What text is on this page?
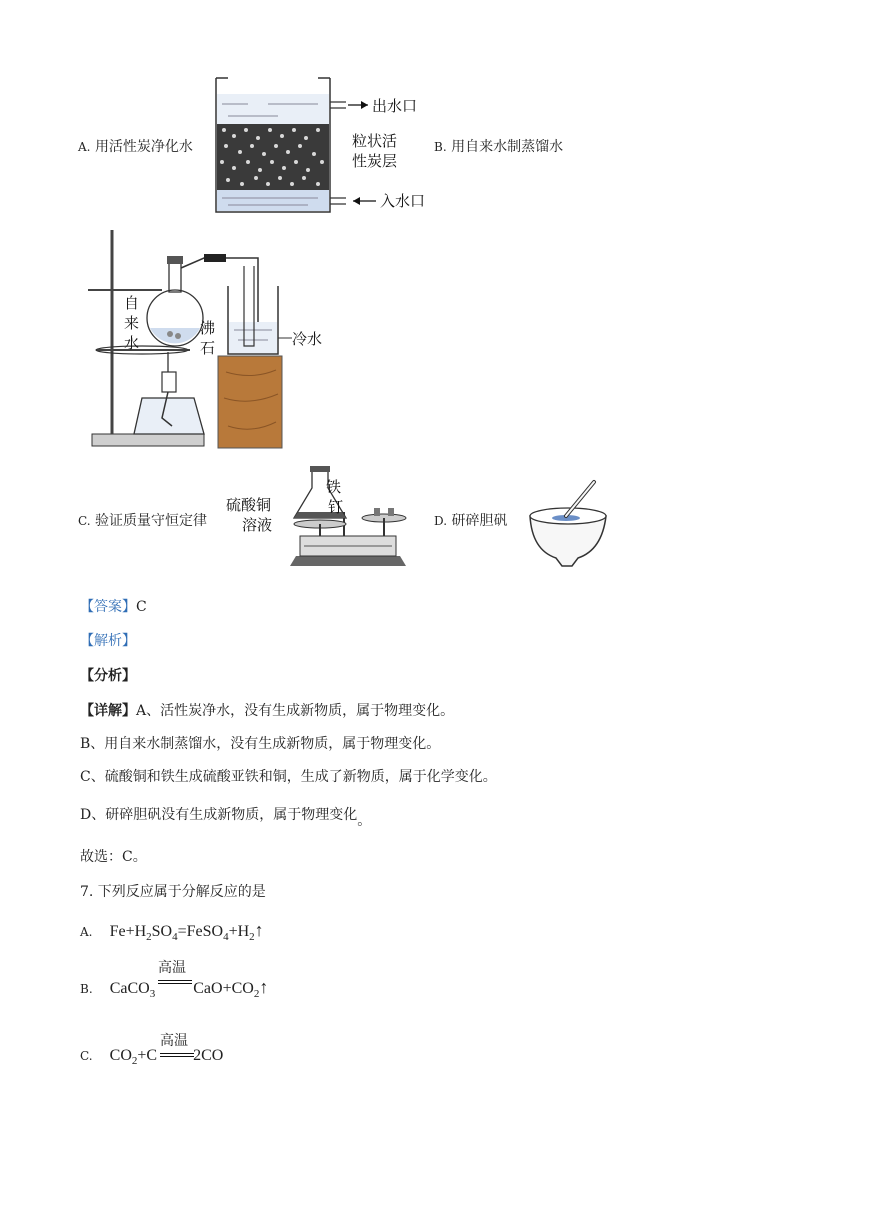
A. 用活性炭净化水
出水口
粒状活
性炭层
入水口
B. 用自来水制蒸馏水
自
来
水
沸
石	冷水
C. 验证质量守恒定律
硫酸铜
溶液
铁
钉
D. 研碎胆矾
【答案】C
【解析】
【分析】
【详解】A、活性炭净水，没有生成新物质，属于物理变化。
B、用自来水制蒸馏水，没有生成新物质，属于物理变化。
C、硫酸铜和铁生成硫酸亚铁和铜，生成了新物质，属于化学变化。
D、研碎胆矾没有生成新物质，属于物理变化。
故选：C。
7. 下列反应属于分解反应的是
A. $Fe+H_2SO_4=FeSO_4+H_2↑$
高温
B. CaCO$_3$ $CaO+CO_2↑$
高温
C. $CO_2+C$ 2CO
